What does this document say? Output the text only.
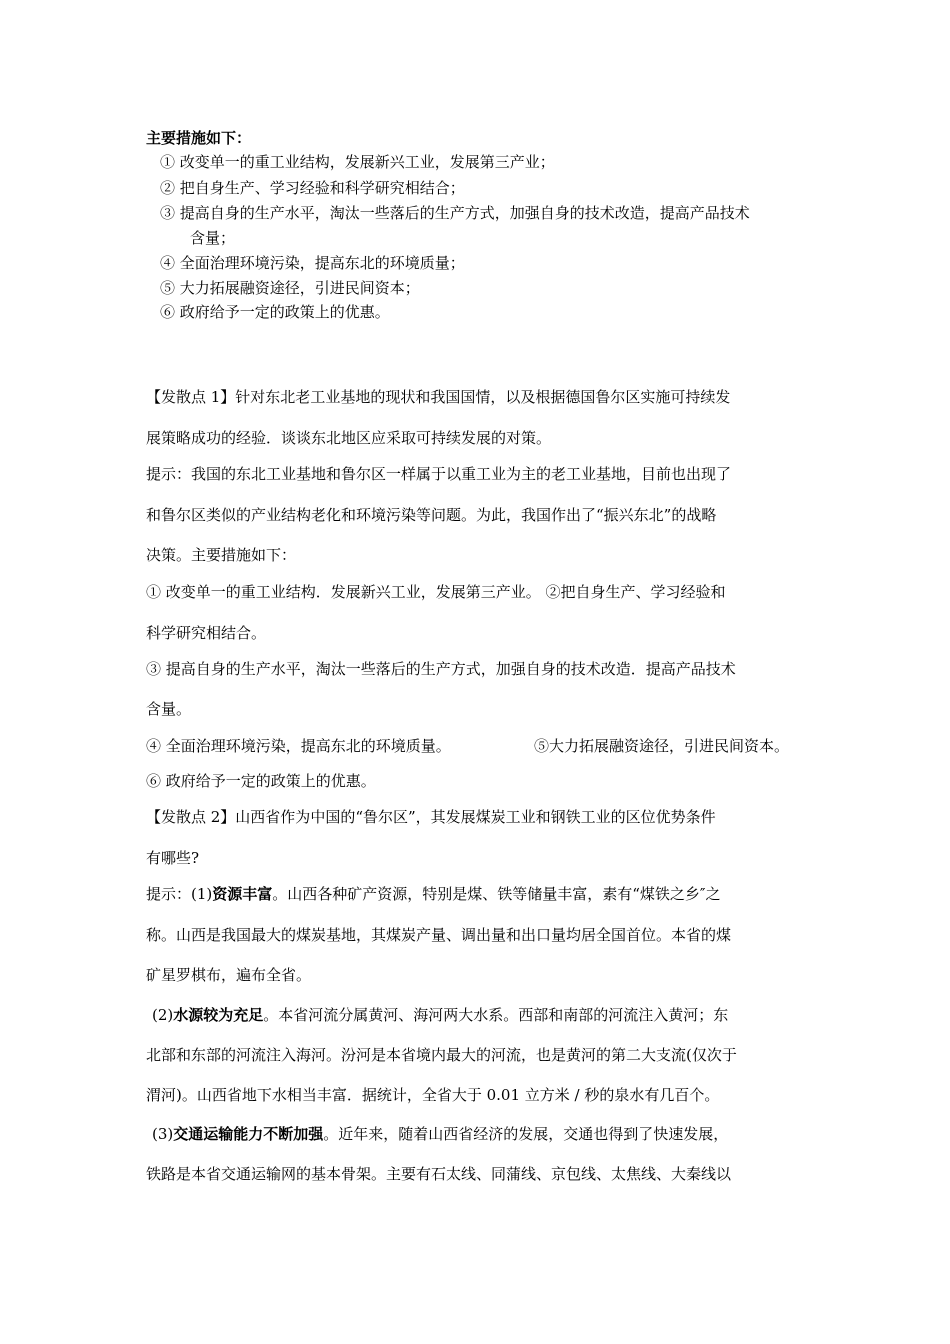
主要措施如下：
① 改变单一的重工业结构，发展新兴工业，发展第三产业；
② 把自身生产、学习经验和科学研究相结合；
③ 提高自身的生产水平，淘汰一些落后的生产方式，加强自身的技术改造，提高产品技术
含量；
④ 全面治理环境污染，提高东北的环境质量；
⑤ 大力拓展融资途径，引进民间资本；
⑥ 政府给予一定的政策上的优惠。
【发散点 1】针对东北老工业基地的现状和我国国情，以及根据德国鲁尔区实施可持续发
展策略成功的经验．谈谈东北地区应采取可持续发展的对策。
提示：我国的东北工业基地和鲁尔区一样属于以重工业为主的老工业基地，目前也出现了
和鲁尔区类似的产业结构老化和环境污染等问题。为此，我国作出了“振兴东北”的战略
决策。主要措施如下：
① 改变单一的重工业结构．发展新兴工业，发展第三产业。 ②把自身生产、学习经验和
科学研究相结合。
③ 提高自身的生产水平，淘汰一些落后的生产方式，加强自身的技术改造．提高产品技术
含量。
④ 全面治理环境污染，提高东北的环境质量。	⑤大力拓展融资途径，引进民间资本。
⑥ 政府给予一定的政策上的优惠。
【发散点 2】山西省作为中国的“鲁尔区”，其发展煤炭工业和钢铁工业的区位优势条件
有哪些?
提示：(1)资源丰富。山西各种矿产资源，特别是煤、铁等储量丰富，素有“煤铁之乡″之
称。山西是我国最大的煤炭基地，其煤炭产量、调出量和出口量均居全国首位。本省的煤
矿星罗棋布，遍布全省。
(2)水源较为充足。本省河流分属黄河、海河两大水系。西部和南部的河流注入黄河；东
北部和东部的河流注入海河。汾河是本省境内最大的河流，也是黄河的第二大支流(仅次于
渭河)。山西省地下水相当丰富．据统计，全省大于 0.01 立方米 / 秒的泉水有几百个。
(3)交通运输能力不断加强。近年来，随着山西省经济的发展，交通也得到了快速发展，
铁路是本省交通运输网的基本骨架。主要有石太线、同蒲线、京包线、太焦线、大秦线以
